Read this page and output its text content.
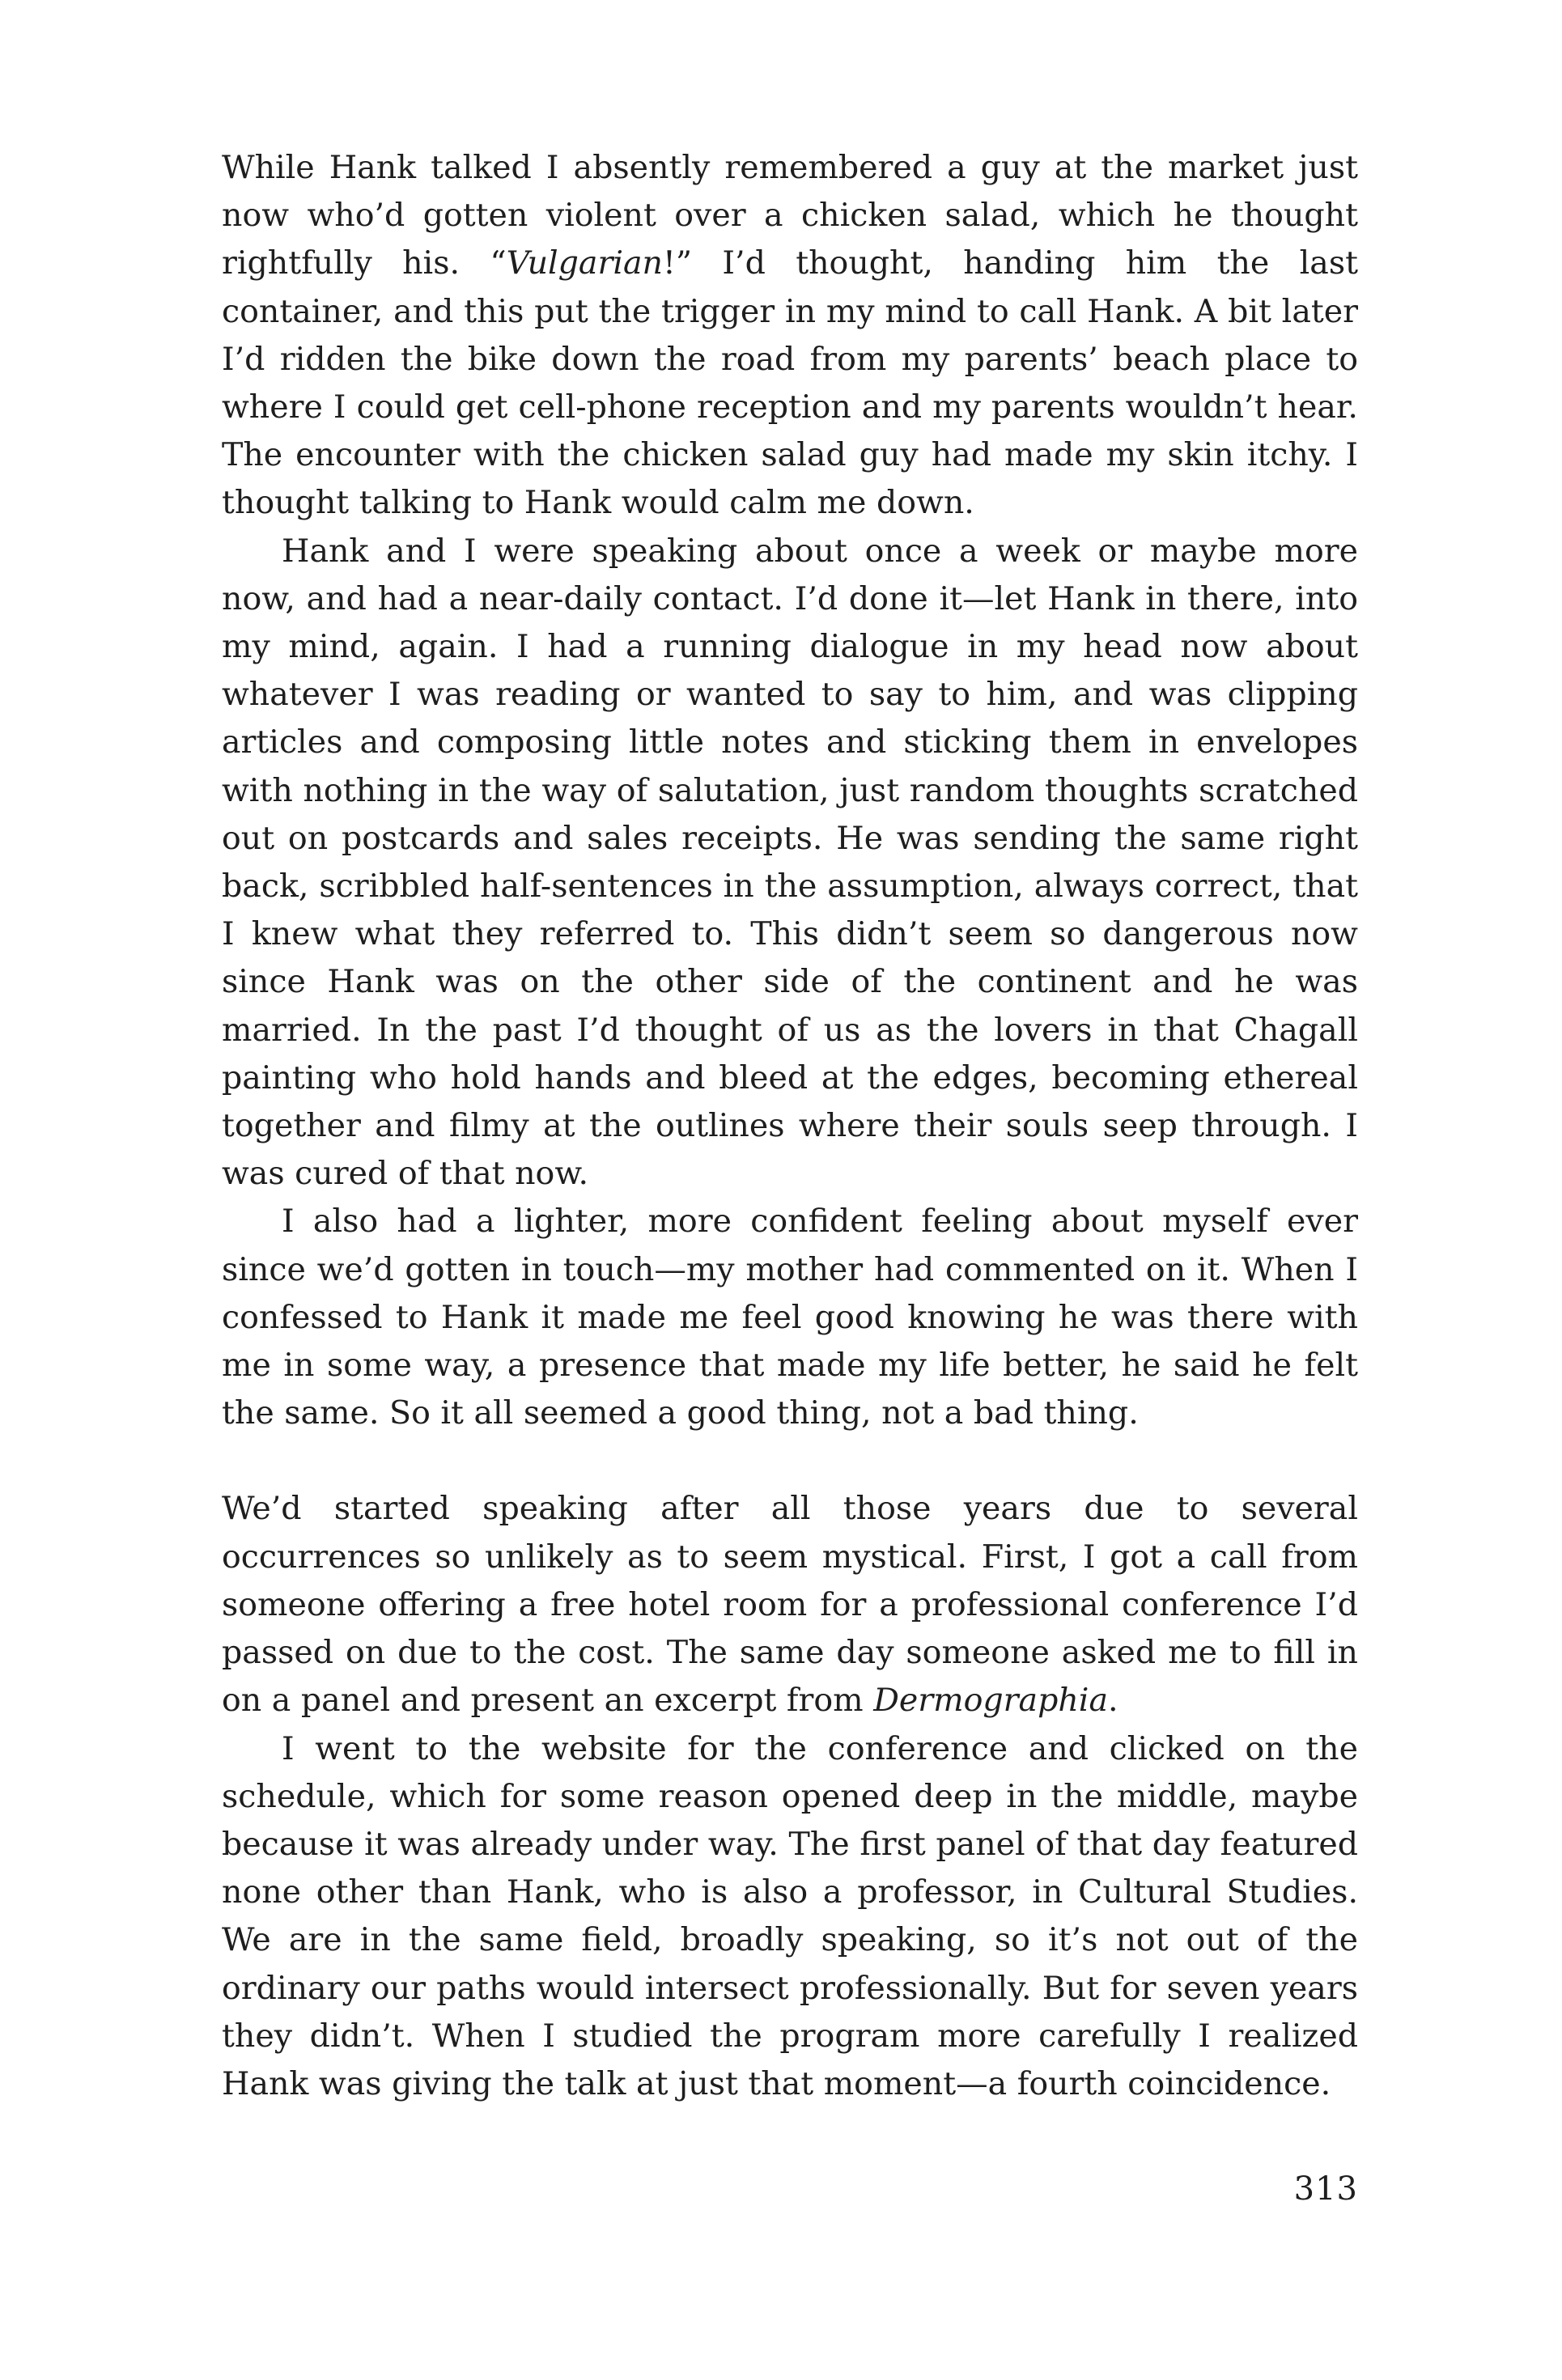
While Hank talked I absently remembered a guy at the market just now who’d gotten violent over a chicken salad, which he thought rightfully his. “Vulgarian!” I’d thought, handing him the last container, and this put the trigger in my mind to call Hank. A bit later I’d ridden the bike down the road from my parents’ beach place to where I could get cell-phone reception and my parents wouldn’t hear. The encounter with the chicken salad guy had made my skin itchy. I thought talking to Hank would calm me down.

Hank and I were speaking about once a week or maybe more now, and had a near-daily contact. I’d done it—let Hank in there, into my mind, again. I had a running dialogue in my head now about whatever I was reading or wanted to say to him, and was clipping articles and composing little notes and sticking them in envelopes with nothing in the way of salutation, just random thoughts scratched out on postcards and sales receipts. He was sending the same right back, scribbled half-sentences in the assumption, always correct, that I knew what they referred to. This didn’t seem so dangerous now since Hank was on the other side of the continent and he was married. In the past I’d thought of us as the lovers in that Chagall painting who hold hands and bleed at the edges, becoming ethereal together and filmy at the outlines where their souls seep through. I was cured of that now.

I also had a lighter, more confident feeling about myself ever since we’d gotten in touch—my mother had commented on it. When I confessed to Hank it made me feel good knowing he was there with me in some way, a presence that made my life better, he said he felt the same. So it all seemed a good thing, not a bad thing.

We’d started speaking after all those years due to several occurrences so unlikely as to seem mystical. First, I got a call from someone offering a free hotel room for a professional conference I’d passed on due to the cost. The same day someone asked me to fill in on a panel and present an excerpt from Dermographia.

I went to the website for the conference and clicked on the schedule, which for some reason opened deep in the middle, maybe because it was already under way. The first panel of that day featured none other than Hank, who is also a professor, in Cultural Studies. We are in the same field, broadly speaking, so it’s not out of the ordinary our paths would intersect professionally. But for seven years they didn’t. When I studied the program more carefully I realized Hank was giving the talk at just that moment—a fourth coincidence.

313
